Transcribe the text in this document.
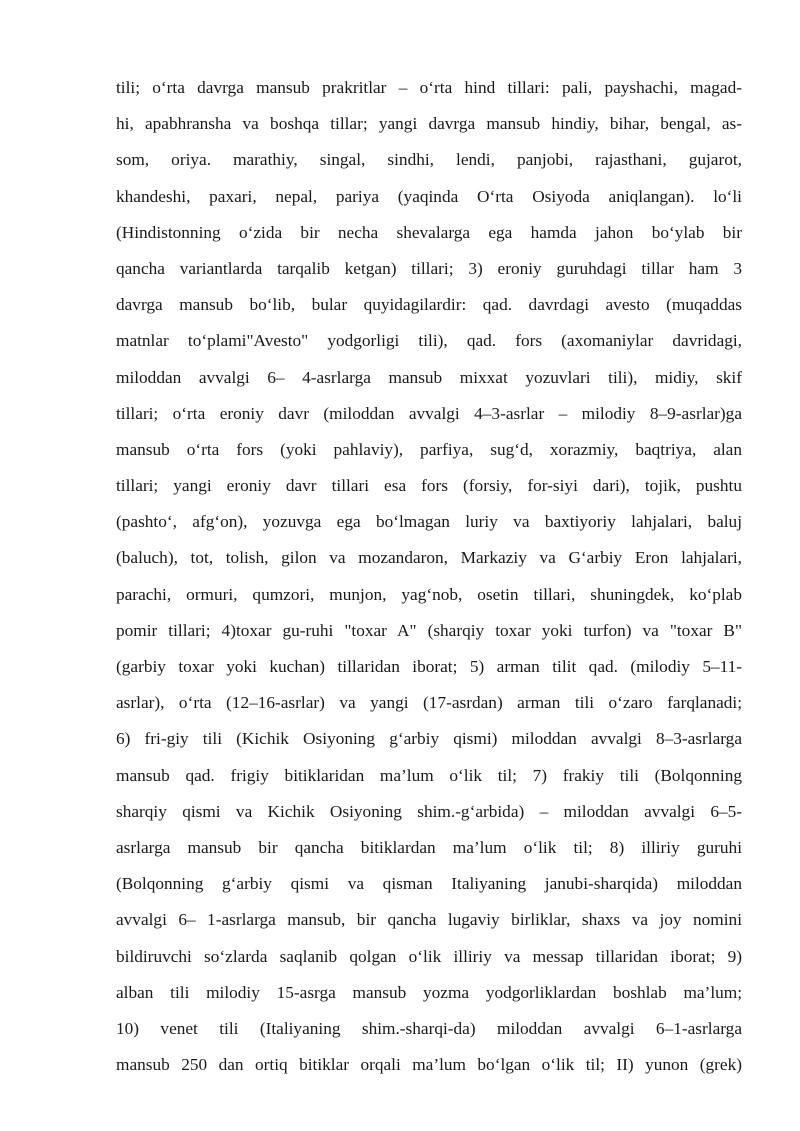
tili; o‘rta davrga mansub prakritlar – o‘rta hind tillari: pali, payshachi, magad-
hi, apabhransha va boshqa tillar; yangi davrga mansub hindiy, bihar, bengal, as-
som, oriya. marathiy, singal, sindhi, lendi, panjobi, rajasthani, gujarot,
khandeshi, paxari, nepal, pariya (yaqinda O‘rta Osiyoda aniqlangan). lo‘li
(Hindistonning o‘zida bir necha shevalarga ega hamda jahon bo‘ylab bir
qancha variantlarda tarqalib ketgan) tillari; 3) eroniy guruhdagi tillar ham 3
davrga mansub bo‘lib, bular quyidagilardir: qad. davrdagi avesto (muqaddas
matnlar to‘plami"Avesto" yodgorligi tili), qad. fors (axomaniylar davridagi,
miloddan avvalgi 6– 4-asrlarga mansub mixxat yozuvlari tili), midiy, skif
tillari; o‘rta eroniy davr (miloddan avvalgi 4–3-asrlar – milodiy 8–9-asrlar)ga
mansub o‘rta fors (yoki pahlaviy), parfiya, sug‘d, xorazmiy, baqtriya, alan
tillari; yangi eroniy davr tillari esa fors (forsiy, for-siyi dari), tojik, pushtu
(pashto‘, afg‘on), yozuvga ega bo‘lmagan luriy va baxtiyoriy lahjalari, baluj
(baluch), tot, tolish, gilon va mozandaron, Markaziy va G‘arbiy Eron lahjalari,
parachi, ormuri, qumzori, munjon, yag‘nob, osetin tillari, shuningdek, ko‘plab
pomir tillari; 4)toxar gu-ruhi "toxar A" (sharqiy toxar yoki turfon) va "toxar B"
(garbiy toxar yoki kuchan) tillaridan iborat; 5) arman tilit qad. (milodiy 5–11-
asrlar), o‘rta (12–16-asrlar) va yangi (17-asrdan) arman tili o‘zaro farqlanadi;
6) fri-giy tili (Kichik Osiyoning g‘arbiy qismi) miloddan avvalgi 8–3-asrlarga
mansub qad. frigiy bitiklaridan ma’lum o‘lik til; 7) frakiy tili (Bolqonning
sharqiy qismi va Kichik Osiyoning shim.-g‘arbida) – miloddan avvalgi 6–5-
asrlarga mansub bir qancha bitiklardan ma’lum o‘lik til; 8) illiriy guruhi
(Bolqonning g‘arbiy qismi va qisman Italiyaning janubi-sharqida) miloddan
avvalgi 6– 1-asrlarga mansub, bir qancha lugaviy birliklar, shaxs va joy nomini
bildiruvchi so‘zlarda saqlanib qolgan o‘lik illiriy va messap tillaridan iborat; 9)
alban tili milodiy 15-asrga mansub yozma yodgorliklardan boshlab ma’lum;
10) venet tili (Italiyaning shim.-sharqi-da) miloddan avvalgi 6–1-asrlarga
mansub 250 dan ortiq bitiklar orqali ma’lum bo‘lgan o‘lik til; II) yunon (grek)
